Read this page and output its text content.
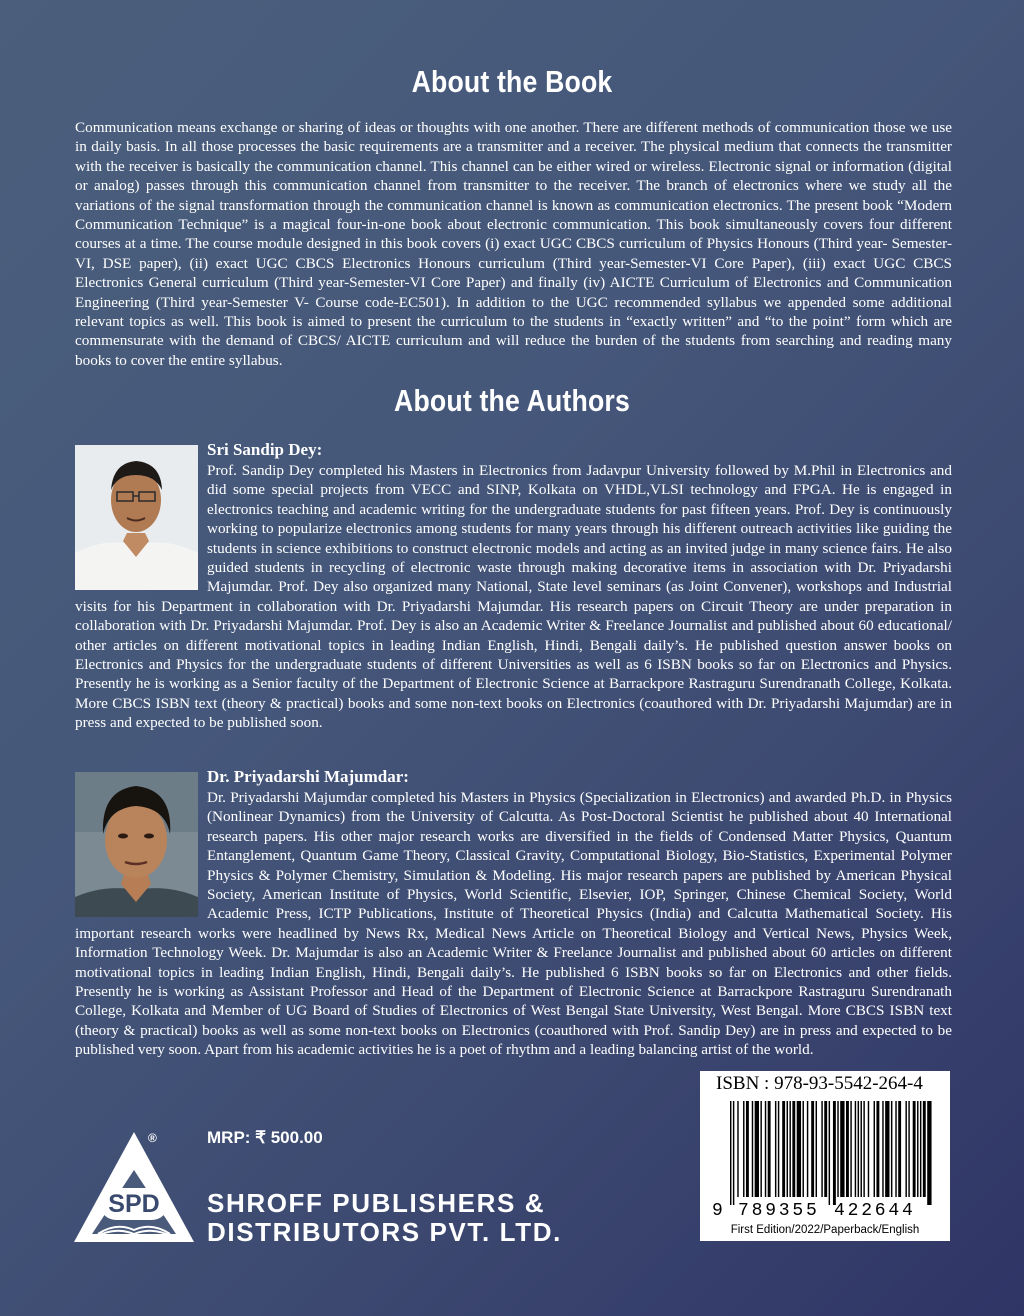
About the Book

Communication means exchange or sharing of ideas or thoughts with one another. There are different methods of communication those we use in daily basis. In all those processes the basic requirements are a transmitter and a receiver. The physical medium that connects the transmitter with the receiver is basically the communication channel. This channel can be either wired or wireless. Electronic signal or information (digital or analog) passes through this communication channel from transmitter to the receiver. The branch of electronics where we study all the variations of the signal transformation through the communication channel is known as communication electronics. The present book “Modern Communication Technique” is a magical four-in-one book about electronic communication. This book simultaneously covers four different courses at a time. The course module designed in this book covers (i) exact UGC CBCS curriculum of Physics Honours (Third year- Semester-VI, DSE paper), (ii) exact UGC CBCS Electronics Honours curriculum (Third year-Semester-VI Core Paper), (iii) exact UGC CBCS Electronics General curriculum (Third year-Semester-VI Core Paper) and finally (iv) AICTE Curriculum of Electronics and Communication Engineering (Third year-Semester V- Course code-EC501). In addition to the UGC recommended syllabus we appended some additional relevant topics as well. This book is aimed to present the curriculum to the students in “exactly written” and “to the point” form which are commensurate with the demand of CBCS/ AICTE curriculum and will reduce the burden of the students from searching and reading many books to cover the entire syllabus.

About the Authors
Sri Sandip Dey:
Prof. Sandip Dey completed his Masters in Electronics from Jadavpur University followed by M.Phil in Electronics and did some special projects from VECC and SINP, Kolkata on VHDL,VLSI technology and FPGA. He is engaged in electronics teaching and academic writing for the undergraduate students for past fifteen years. Prof. Dey is continuously working to popularize electronics among students for many years through his different outreach activities like guiding the students in science exhibitions to construct electronic models and acting as an invited judge in many science fairs. He also guided students in recycling of electronic waste through making decorative items in association with Dr. Priyadarshi Majumdar. Prof. Dey also organized many National, State level seminars (as Joint Convener), workshops and Industrial visits for his Department in collaboration with Dr. Priyadarshi Majumdar. His research papers on Circuit Theory are under preparation in collaboration with Dr. Priyadarshi Majumdar. Prof. Dey is also an Academic Writer & Freelance Journalist and published about 60 educational/ other articles on different motivational topics in leading Indian English, Hindi, Bengali daily’s. He published question answer books on Electronics and Physics for the undergraduate students of different Universities as well as 6 ISBN books so far on Electronics and Physics. Presently he is working as a Senior faculty of the Department of Electronic Science at Barrackpore Rastraguru Surendranath College, Kolkata. More CBCS ISBN text (theory & practical) books and some non-text books on Electronics (coauthored with Dr. Priyadarshi Majumdar) are in press and expected to be published soon.
Dr. Priyadarshi Majumdar:
Dr. Priyadarshi Majumdar completed his Masters in Physics (Specialization in Electronics) and awarded Ph.D. in Physics (Nonlinear Dynamics) from the University of Calcutta. As Post-Doctoral Scientist he published about 40 International research papers. His other major research works are diversified in the fields of Condensed Matter Physics, Quantum Entanglement, Quantum Game Theory, Classical Gravity, Computational Biology, Bio-Statistics, Experimental Polymer Physics & Polymer Chemistry, Simulation & Modeling. His major research papers are published by American Physical Society, American Institute of Physics, World Scientific, Elsevier, IOP, Springer, Chinese Chemical Society, World Academic Press, ICTP Publications, Institute of Theoretical Physics (India) and Calcutta Mathematical Society. His important research works were headlined by News Rx, Medical News Article on Theoretical Biology and Vertical News, Physics Week, Information Technology Week. Dr. Majumdar is also an Academic Writer & Freelance Journalist and published about 60 articles on different motivational topics in leading Indian English, Hindi, Bengali daily’s. He published 6 ISBN books so far on Electronics and other fields. Presently he is working as Assistant Professor and Head of the Department of Electronic Science at Barrackpore Rastraguru Surendranath College, Kolkata and Member of UG Board of Studies of Electronics of West Bengal State University, West Bengal. More CBCS ISBN text (theory & practical) books as well as some non-text books on Electronics (coauthored with Prof. Sandip Dey) are in press and expected to be published very soon. Apart from his academic activities he is a poet of rhythm and a leading balancing artist of the world.
SPD
®	MRP: ₹ 500.00
SHROFF PUBLISHERS &
DISTRIBUTORS PVT. LTD.
ISBN : 978-93-5542-264-4
9 789355 422644
First Edition/2022/Paperback/English
